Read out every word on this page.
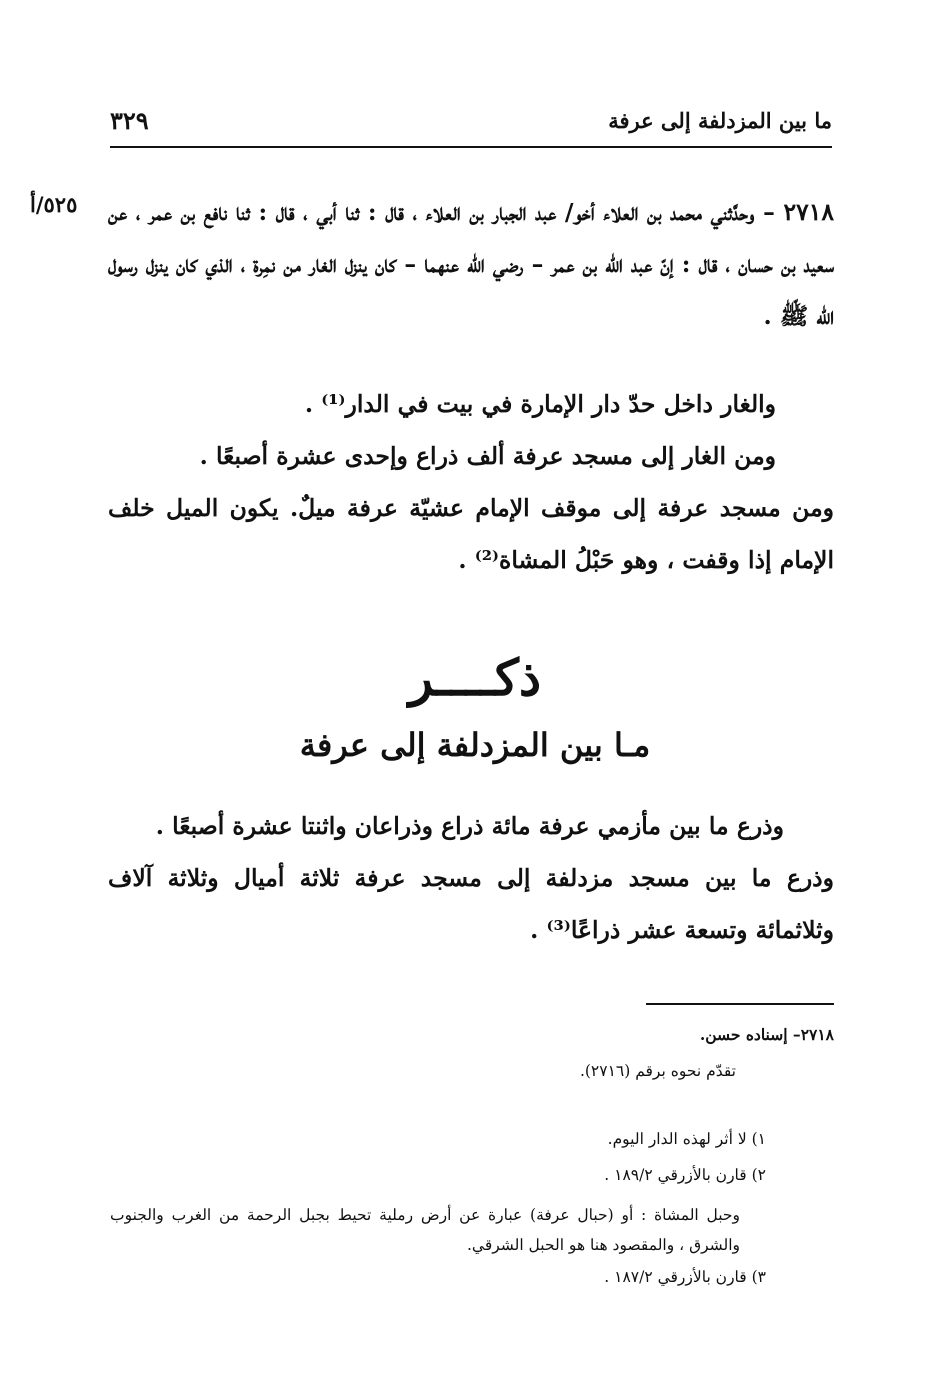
ما بين المزدلفة إلى عرفة
٣٢٩
٥٢٥/أ ٢٧١٨ – وحدَّثني محمد بن العلاء أخو/ عبد الجبار بن العلاء ، قال : ثنا أبي ، قال : ثنا نافع بن عمر ، عن سعيد بن حسان ، قال : إنّ عبد الله بن عمر – رضي الله عنهما – كان ينزل الغار من نمِرة ، الذي كان ينزل رسول الله ﷺ .
والغار داخل حدّ دار الإمارة في بيت في الدار⁽¹⁾ .
ومن الغار إلى مسجد عرفة ألف ذراع وإحدى عشرة أصبعًا .
ومن مسجد عرفة إلى موقف الإمام عشيّة عرفة ميلٌ. يكون الميل خلف الإمام إذا وقفت ، وهو حَبْلُ المشاة⁽²⁾ .
ذكــــر
مـا بين المزدلفة إلى عرفة
وذرع ما بين مأزمي عرفة مائة ذراع وذراعان واثنتا عشرة أصبعًا .
وذرع ما بين مسجد مزدلفة إلى مسجد عرفة ثلاثة أميال وثلاثة آلاف وثلاثمائة وتسعة عشر ذراعًا⁽³⁾ .
٢٧١٨– إسناده حسن.
تقدّم نحوه برقم (٢٧١٦).
١) لا أثر لهذه الدار اليوم.
٢) قارن بالأزرقي ١٨٩/٢ .
وحبل المشاة : أو (حبال عرفة) عبارة عن أرض رملية تحيط بجبل الرحمة من الغرب والجنوب والشرق ، والمقصود هنا هو الحبل الشرقي.
٣) قارن بالأزرقي ١٨٧/٢ .
